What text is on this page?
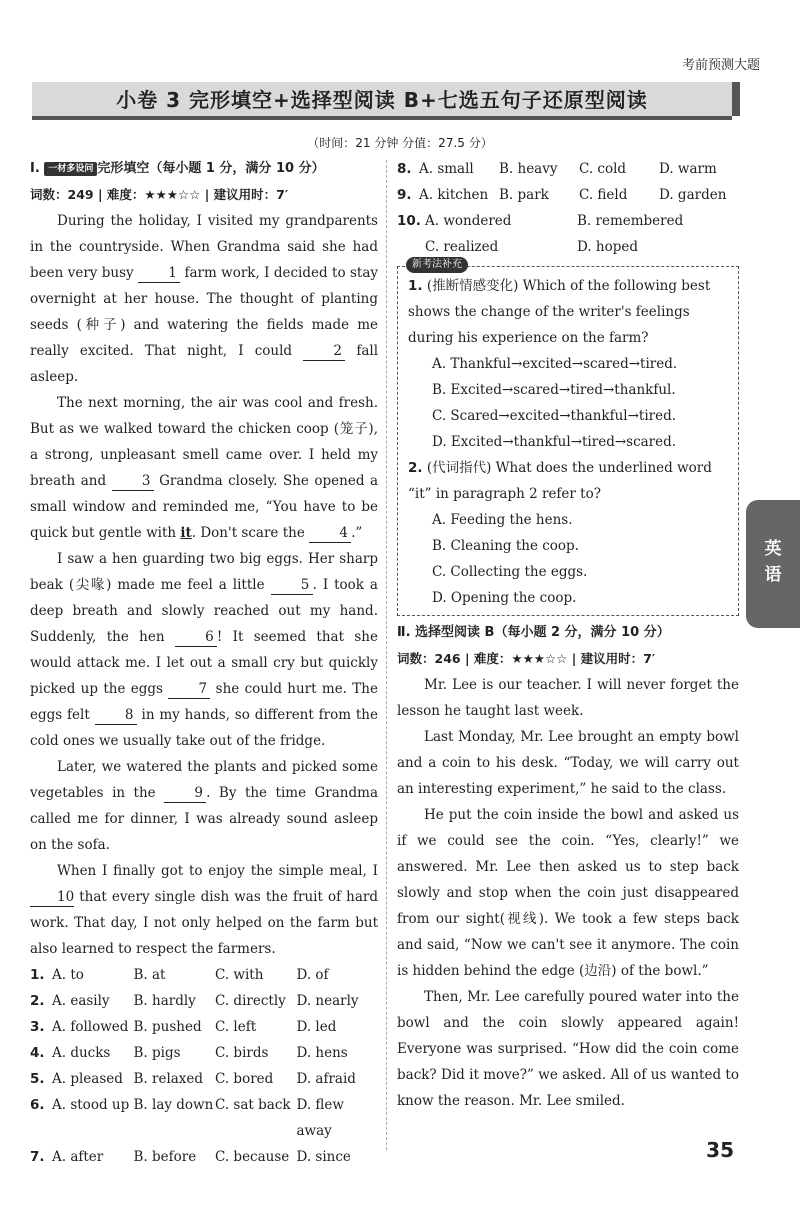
考前预测大题
小卷 3 完形填空+选择型阅读 B+七选五句子还原型阅读
（时间：21 分钟 分值：27.5 分）
Ⅰ. 一材多设问 完形填空（每小题 1 分，满分 10 分）
词数：249 | 难度：★★★☆☆ | 建议用时：7′

During the holiday, I visited my grandparents in the countryside. When Grandma said she had been very busy	1 farm work, I decided to stay overnight at her house. The thought of planting seeds (种子) and watering the fields made me really excited. That night, I could	2 fall asleep.

The next morning, the air was cool and fresh. But as we walked toward the chicken coop (笼子), a strong, unpleasant smell came over. I held my breath and	3 Grandma closely. She opened a small window and reminded me, “You have to be quick but gentle with it. Don't scare the	4 .”

I saw a hen guarding two big eggs. Her sharp beak (尖喙) made me feel a little	5 . I took a deep breath and slowly reached out my hand. Suddenly, the hen	6 ! It seemed that she would attack me. I let out a small cry but quickly picked up the eggs	7 she could hurt me. The eggs felt	8 in my hands, so different from the cold ones we usually take out of the fridge.

Later, we watered the plants and picked some vegetables in the	9 . By the time Grandma called me for dinner, I was already sound asleep on the sofa.

When I finally got to enjoy the simple meal, I 10 that every single dish was the fruit of hard work. That day, I not only helped on the farm but also learned to respect the farmers.

1. A. to	B. at	C. with	D. of
2. A. easily	B. hardly	C. directly D. nearly
3. A. followed B. pushed C. left	D. led
4. A. ducks	B. pigs	C. birds	D. hens
5. A. pleased B. relaxed C. bored	D. afraid
6. A. stood up B. lay down C. sat back D. flew away
7. A. after	B. before	C. because D. since
8. A. small	B. heavy	C. cold	D. warm
9. A. kitchen B. park	C. field	D. garden
10. A. wondered	B. remembered
C. realized	D. hoped
新考法补充
1. (推断情感变化) Which of the following best shows the change of the writer's feelings during his experience on the farm?
A. Thankful→excited→scared→tired.
B. Excited→scared→tired→thankful.
C. Scared→excited→thankful→tired.
D. Excited→thankful→tired→scared.
2. (代词指代) What does the underlined word “it” in paragraph 2 refer to?
A. Feeding the hens.
B. Cleaning the coop.
C. Collecting the eggs.
D. Opening the coop.
Ⅱ. 选择型阅读 B（每小题 2 分，满分 10 分）
词数：246 | 难度：★★★☆☆ | 建议用时：7′

Mr. Lee is our teacher. I will never forget the lesson he taught last week.

Last Monday, Mr. Lee brought an empty bowl and a coin to his desk. “Today, we will carry out an interesting experiment,” he said to the class.

He put the coin inside the bowl and asked us if we could see the coin. “Yes, clearly!” we answered. Mr. Lee then asked us to step back slowly and stop when the coin just disappeared from our sight(视线). We took a few steps back and said, “Now we can't see it anymore. The coin is hidden behind the edge (边沿) of the bowl.”

Then, Mr. Lee carefully poured water into the bowl and the coin slowly appeared again! Everyone was surprised. “How did the coin come back? Did it move?” we asked. All of us wanted to know the reason. Mr. Lee smiled.

英
语
35
